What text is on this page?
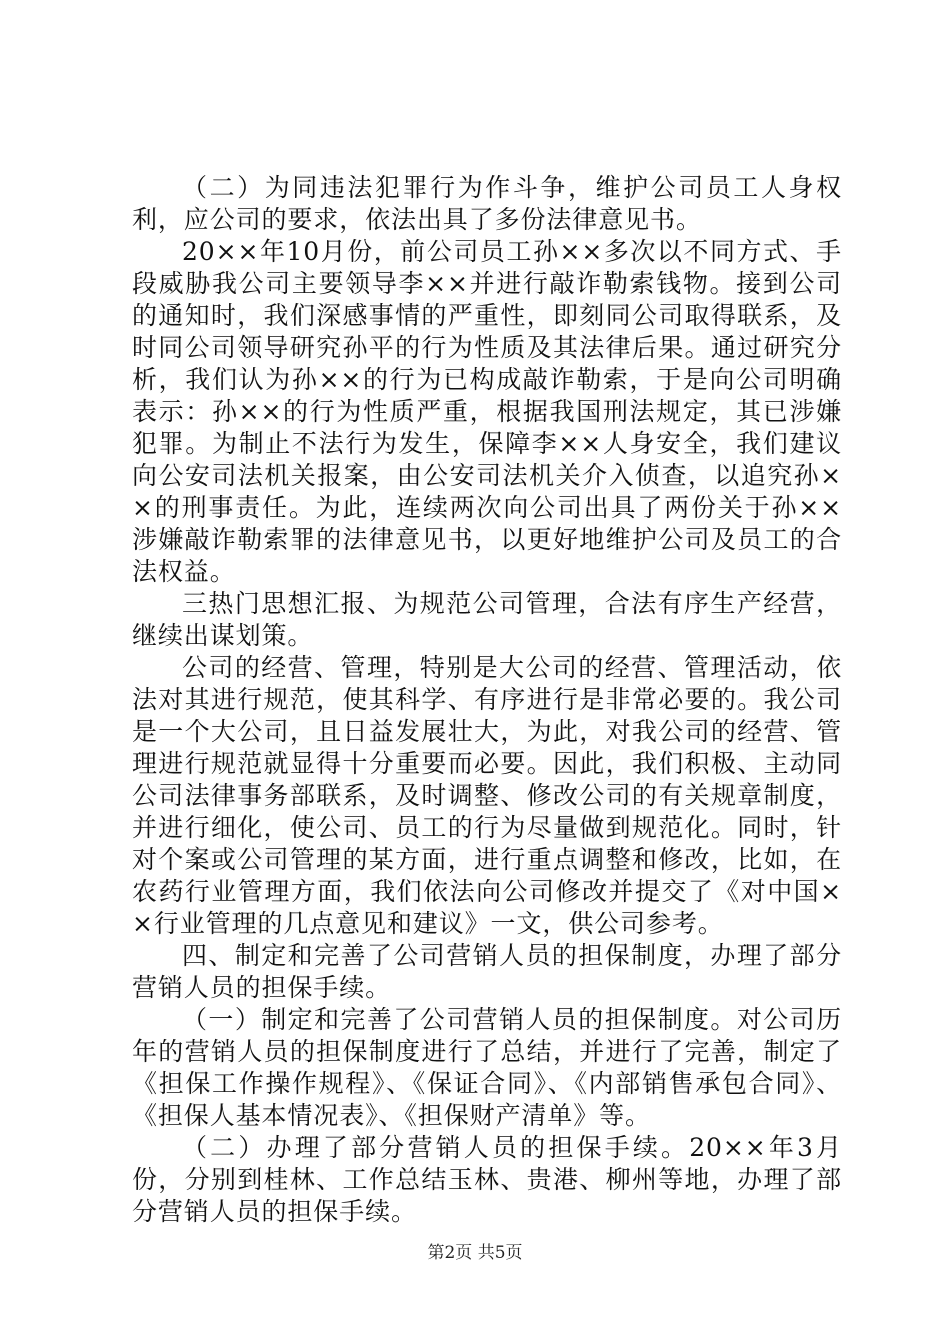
（二）为同违法犯罪行为作斗争，维护公司员工人身权利，应公司的要求，依法出具了多份法律意见书。

20××年10月份，前公司员工孙××多次以不同方式、手段威胁我公司主要领导李××并进行敲诈勒索钱物。接到公司的通知时，我们深感事情的严重性，即刻同公司取得联系，及时同公司领导研究孙平的行为性质及其法律后果。通过研究分析，我们认为孙××的行为已构成敲诈勒索，于是向公司明确表示：孙××的行为性质严重，根据我国刑法规定，其已涉嫌犯罪。为制止不法行为发生，保障李××人身安全，我们建议向公安司法机关报案，由公安司法机关介入侦查，以追究孙××的刑事责任。为此，连续两次向公司出具了两份关于孙××涉嫌敲诈勒索罪的法律意见书，以更好地维护公司及员工的合法权益。

三热门思想汇报、为规范公司管理，合法有序生产经营，继续出谋划策。

公司的经营、管理，特别是大公司的经营、管理活动，依法对其进行规范，使其科学、有序进行是非常必要的。我公司是一个大公司，且日益发展壮大，为此，对我公司的经营、管理进行规范就显得十分重要而必要。因此，我们积极、主动同公司法律事务部联系，及时调整、修改公司的有关规章制度，并进行细化，使公司、员工的行为尽量做到规范化。同时，针对个案或公司管理的某方面，进行重点调整和修改，比如，在农药行业管理方面，我们依法向公司修改并提交了《对中国××行业管理的几点意见和建议》一文，供公司参考。

四、制定和完善了公司营销人员的担保制度，办理了部分营销人员的担保手续。

（一）制定和完善了公司营销人员的担保制度。对公司历年的营销人员的担保制度进行了总结，并进行了完善，制定了《担保工作操作规程》、《保证合同》、《内部销售承包合同》、《担保人基本情况表》、《担保财产清单》等。

（二）办理了部分营销人员的担保手续。20××年3月份，分别到桂林、工作总结玉林、贵港、柳州等地，办理了部分营销人员的担保手续。

第2页 共5页
